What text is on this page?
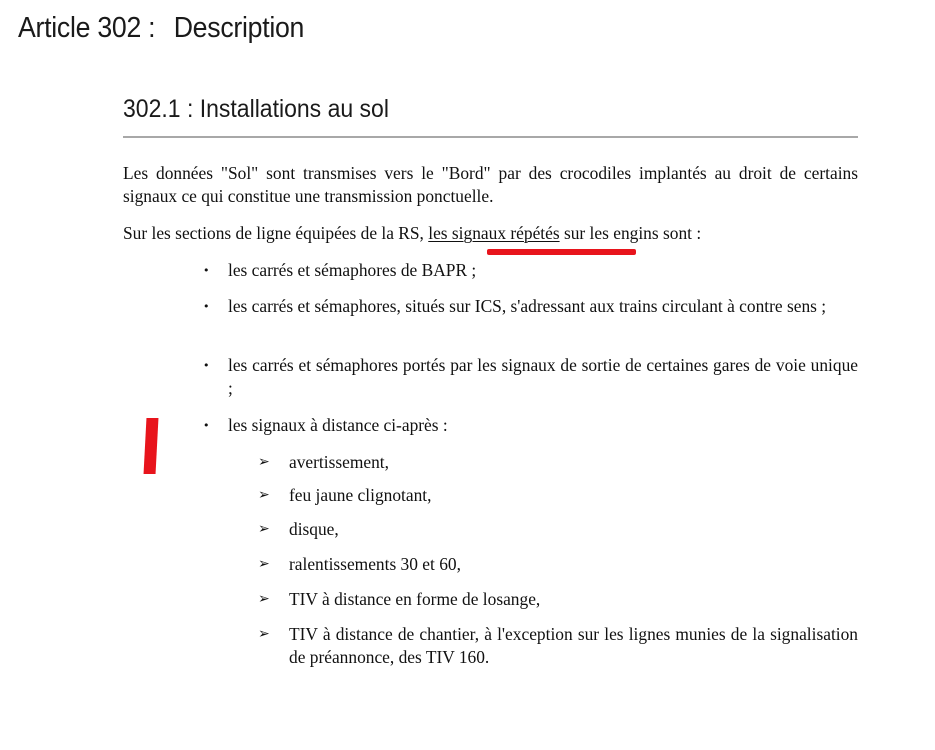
Article 302 : Description
302.1 : Installations au sol
Les données "Sol" sont transmises vers le "Bord" par des crocodiles implantés au droit de certains signaux ce qui constitue une transmission ponctuelle.
Sur les sections de ligne équipées de la RS, les signaux répétés sur les engins sont :
• les carrés et sémaphores de BAPR ;
• les carrés et sémaphores, situés sur ICS, s'adressant aux trains circulant à contre sens ;
• les carrés et sémaphores portés par les signaux de sortie de certaines gares de voie unique ;
• les signaux à distance ci-après :
➢ avertissement,
➢ feu jaune clignotant,
➢ disque,
➢ ralentissements 30 et 60,
➢ TIV à distance en forme de losange,
➢ TIV à distance de chantier, à l'exception sur les lignes munies de la signalisation de préannonce, des TIV 160.
